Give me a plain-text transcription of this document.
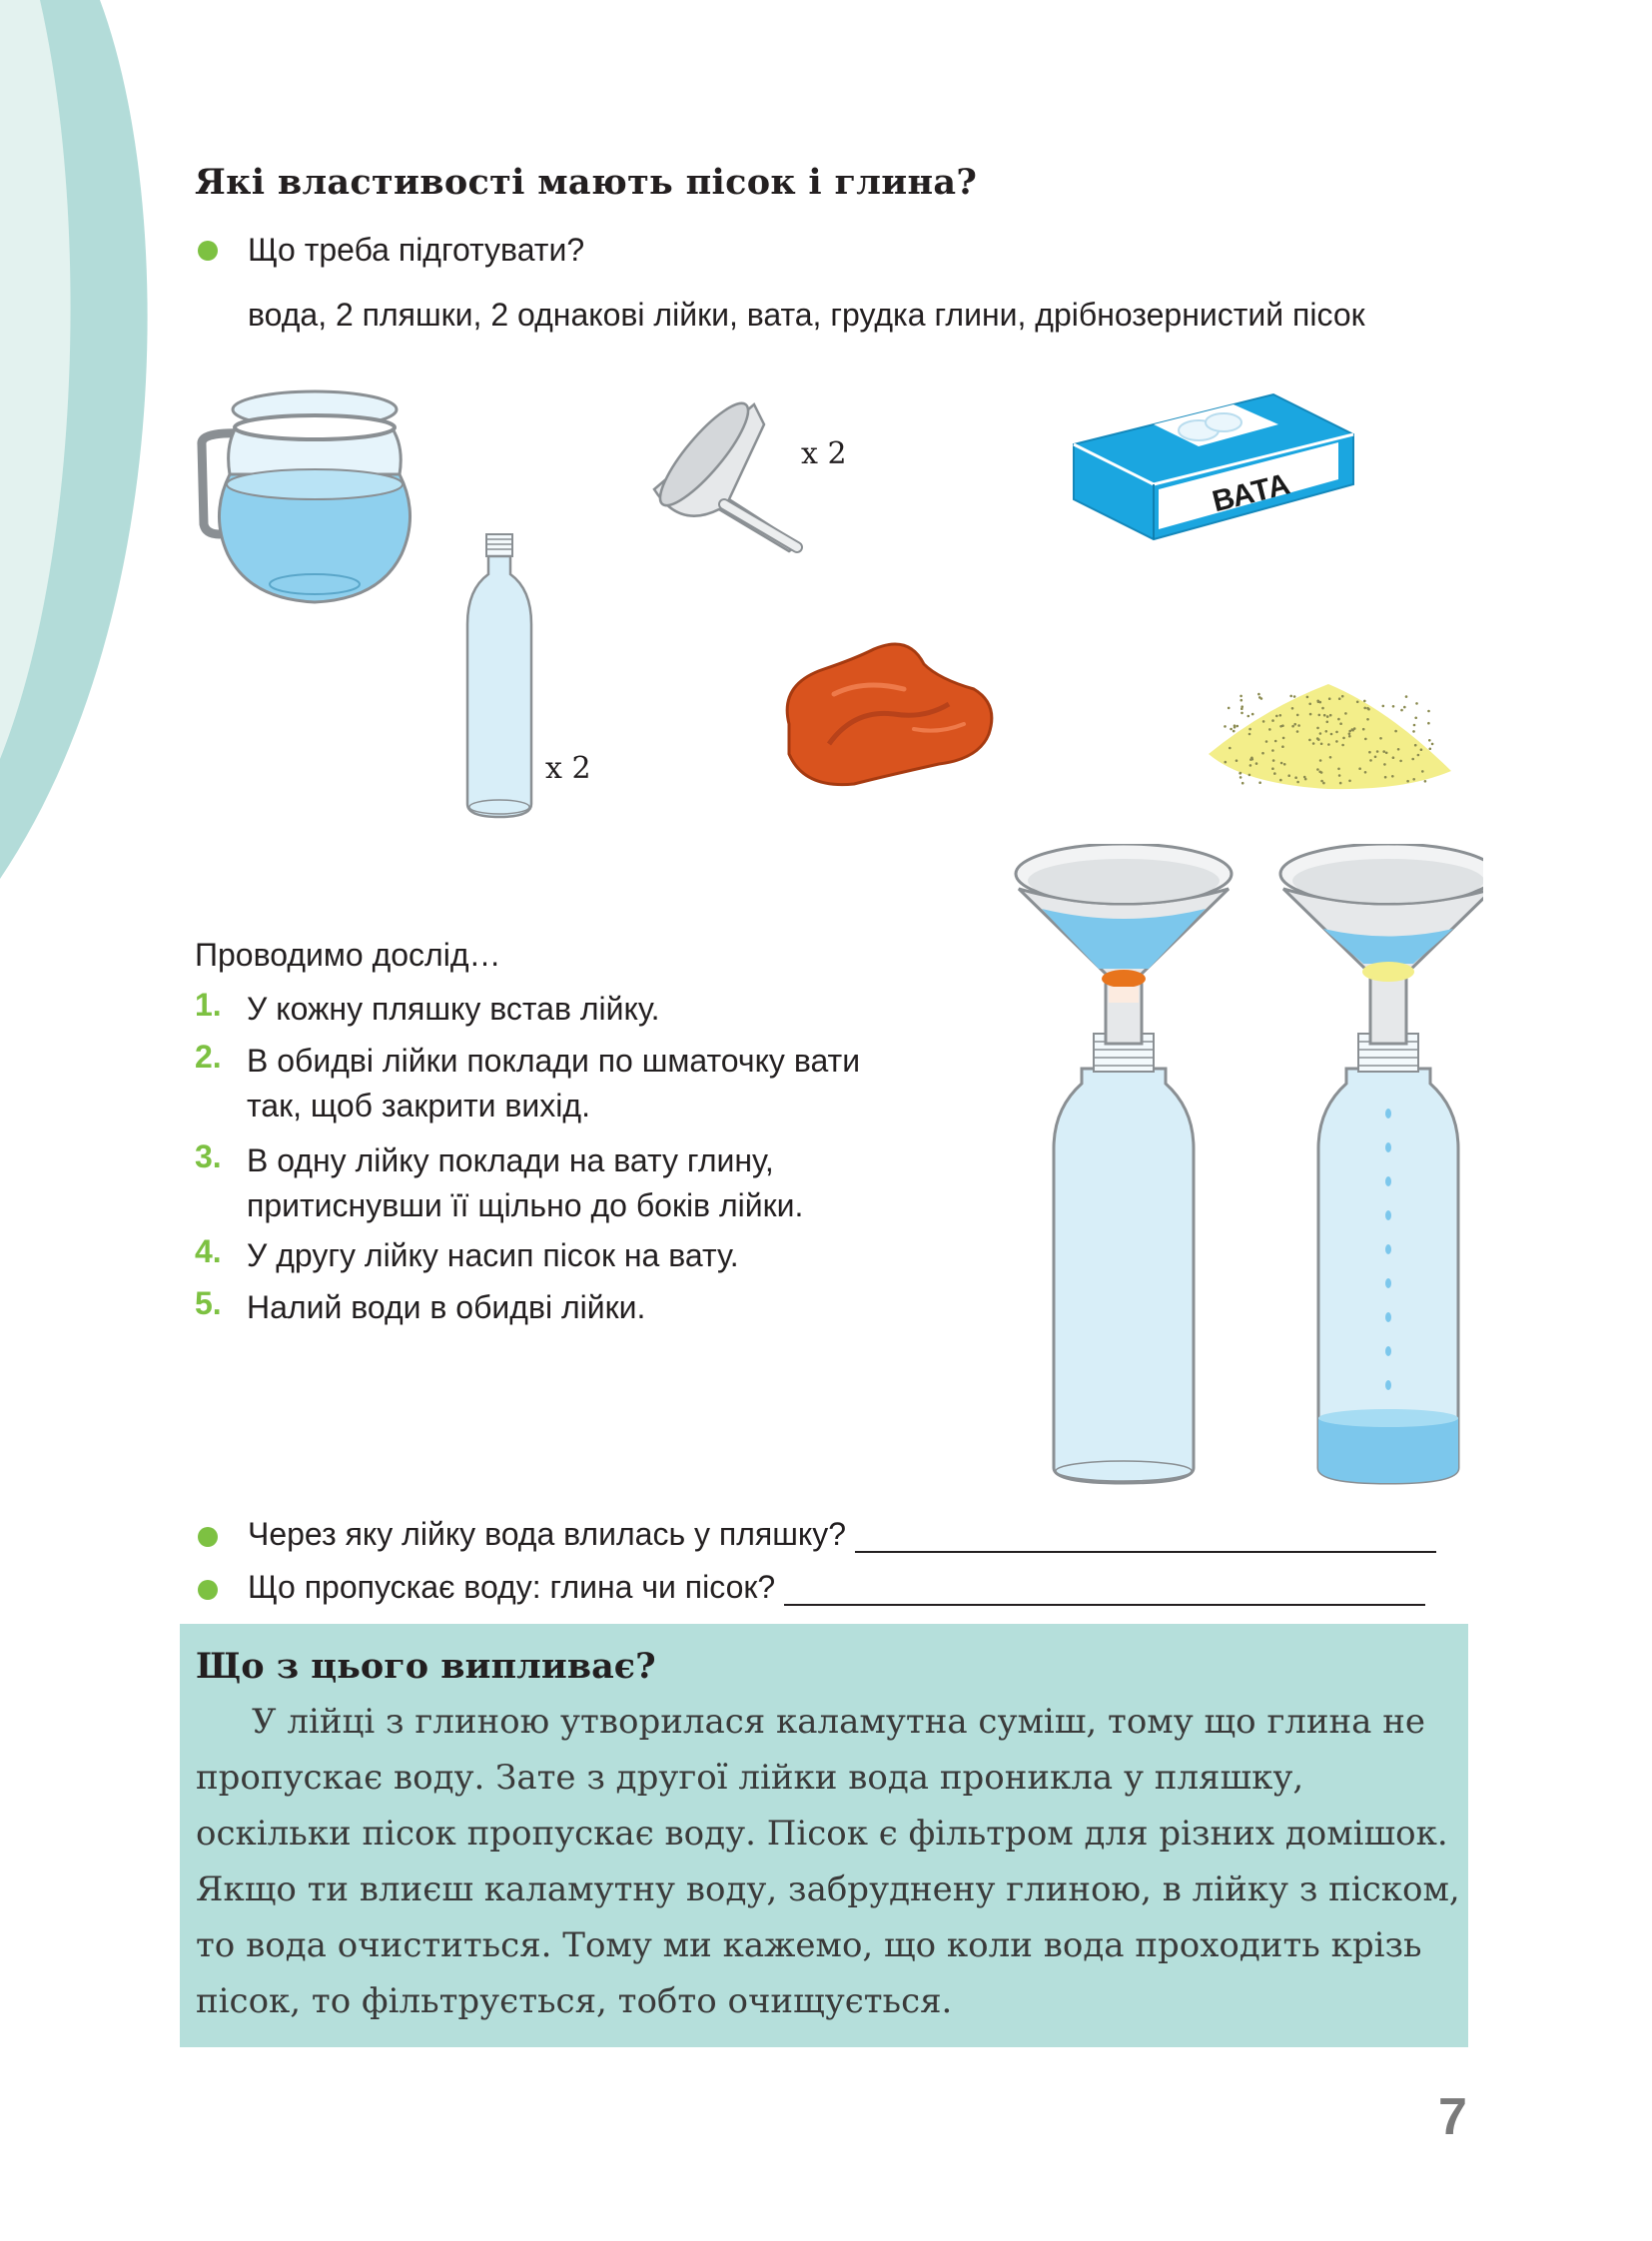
Які властивості мають пісок і глина?
Що треба підготувати?
вода, 2 пляшки, 2 однакові лійки, вата, грудка глини, дрібнозернистий пісок
x 2
x 2
ВАТА
Проводимо дослід…
1. У кожну пляшку встав лійку.
2. В обидві лійки поклади по шматочку вати
так, щоб закрити вихід.
3. В одну лійку поклади на вату глину,
притиснувши її щільно до боків лійки.
4. У другу лійку насип пісок на вату.
5. Налий води в обидві лійки.
Через яку лійку вода влилась у пляшку?
Що пропускає воду: глина чи пісок?
Що з цього випливає?

У лійці з глиною утворилася каламутна суміш, тому що глина не пропускає воду. Зате з другої лійки вода проникла у пляшку, оскільки пісок пропускає воду. Пісок є фільтром для різних домішок. Якщо ти влиєш каламутну воду, забруднену глиною, в лійку з піском, то вода очиститься. Тому ми кажемо, що коли вода проходить крізь пісок, то фільтрується, тобто очищується.

7
